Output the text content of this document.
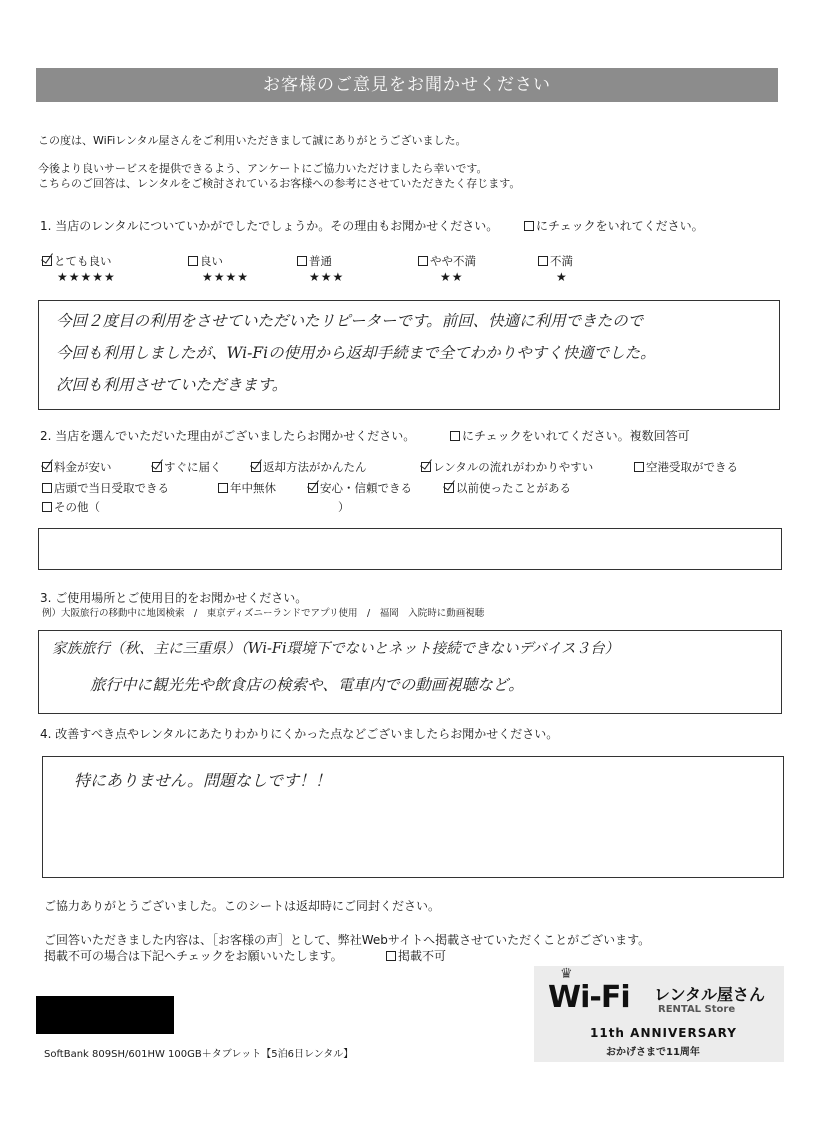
お客様のご意見をお聞かせください
この度は、WiFiレンタル屋さんをご利用いただきまして誠にありがとうございました。
今後より良いサービスを提供できるよう、アンケートにご協力いただけましたら幸いです。
こちらのご回答は、レンタルをご検討されているお客様への参考にさせていただきたく存じます。
1. 当店のレンタルについていかがでしたでしょうか。その理由もお聞かせください。	にチェックをいれてください。
とても良い
★★★★★
良い
★★★★
普通
★★★
やや不満
★★
不満
★
今回２度目の利用をさせていただいたリピーターです。前回、快適に利用できたので
今回も利用しましたが、Wi-Fiの使用から返却手続まで全てわかりやすく快適でした。
次回も利用させていただきます。
2. 当店を選んでいただいた理由がございましたらお聞かせください。	にチェックをいれてください。複数回答可
料金が安い	すぐに届く	返却方法がかんたん	レンタルの流れがわかりやすい	空港受取ができる
店頭で当日受取できる	年中無休	安心・信頼できる	以前使ったことがある
その他（	）
3. ご使用場所とご使用目的をお聞かせください。
例）大阪旅行の移動中に地図検索　/　東京ディズニーランドでアプリ使用　/　福岡　入院時に動画視聴
家族旅行（秋、主に三重県）（Wi-Fi環境下でないとネット接続できないデバイス３台）
旅行中に観光先や飲食店の検索や、電車内での動画視聴など。
4. 改善すべき点やレンタルにあたりわかりにくかった点などございましたらお聞かせください。
特にありません。問題なしです！！
ご協力ありがとうございました。このシートは返却時にご同封ください。
ご回答いただきました内容は、［お客様の声］として、弊社Webサイトへ掲載させていただくことがございます。
掲載不可の場合は下記へチェックをお願いいたします。	掲載不可
SoftBank 809SH/601HW 100GB＋タブレット【5泊6日レンタル】
♛
Wi-Fi レンタル屋さん
RENTAL Store
11th ANNIVERSARY
おかげさまで11周年
